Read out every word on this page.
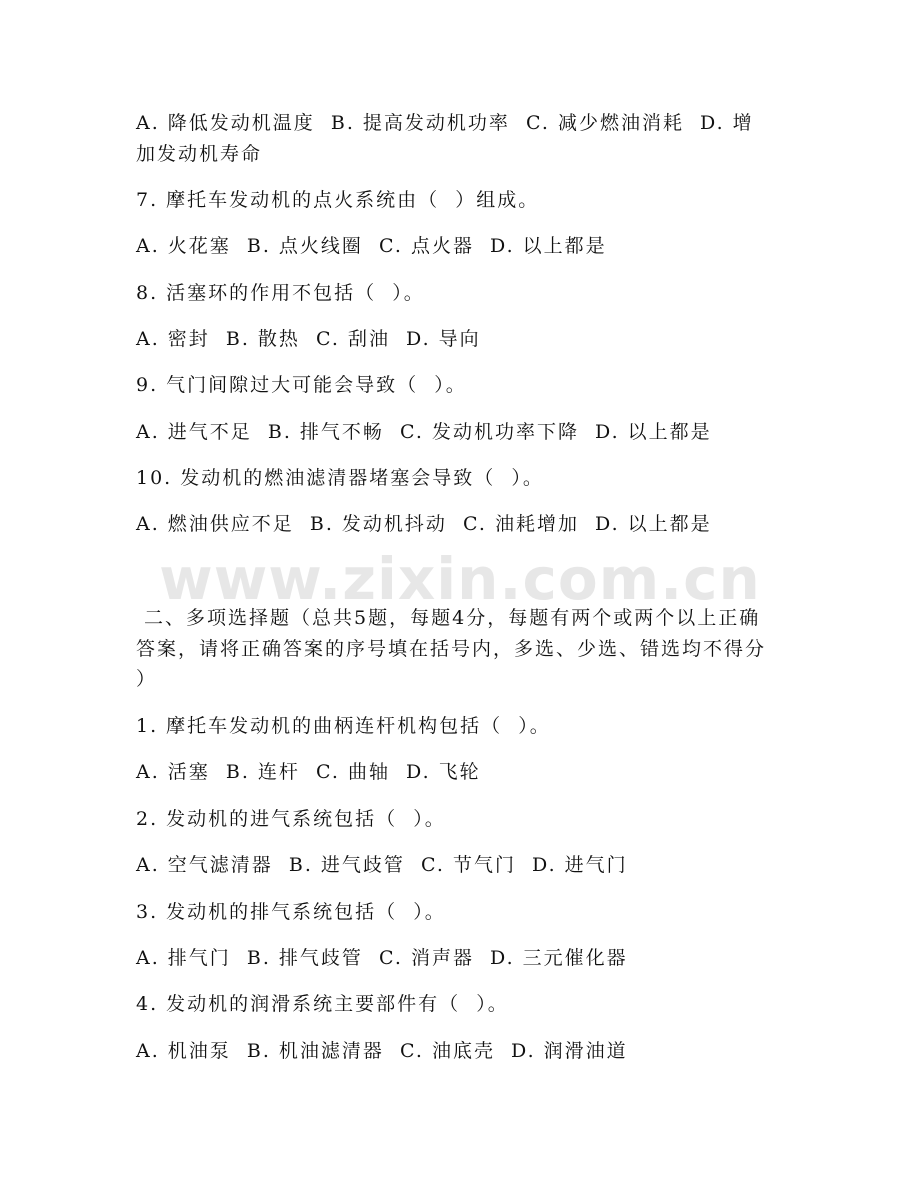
A. 降低发动机温度  B. 提高发动机功率  C. 减少燃油消耗  D. 增
加发动机寿命
7. 摩托车发动机的点火系统由（  ）组成。
A. 火花塞  B. 点火线圈  C. 点火器  D. 以上都是
8. 活塞环的作用不包括（  ）。
A. 密封  B. 散热  C. 刮油  D. 导向
9. 气门间隙过大可能会导致（  ）。
A. 进气不足  B. 排气不畅  C. 发动机功率下降  D. 以上都是
10. 发动机的燃油滤清器堵塞会导致（  ）。
A. 燃油供应不足  B. 发动机抖动  C. 油耗增加  D. 以上都是
www.zixin.com.cn
二、多项选择题（总共5题，每题4分，每题有两个或两个以上正确
答案，请将正确答案的序号填在括号内，多选、少选、错选均不得分
）
1. 摩托车发动机的曲柄连杆机构包括（  ）。
A. 活塞  B. 连杆  C. 曲轴  D. 飞轮
2. 发动机的进气系统包括（  ）。
A. 空气滤清器  B. 进气歧管  C. 节气门  D. 进气门
3. 发动机的排气系统包括（  ）。
A. 排气门  B. 排气歧管  C. 消声器  D. 三元催化器
4. 发动机的润滑系统主要部件有（  ）。
A. 机油泵  B. 机油滤清器  C. 油底壳  D. 润滑油道
